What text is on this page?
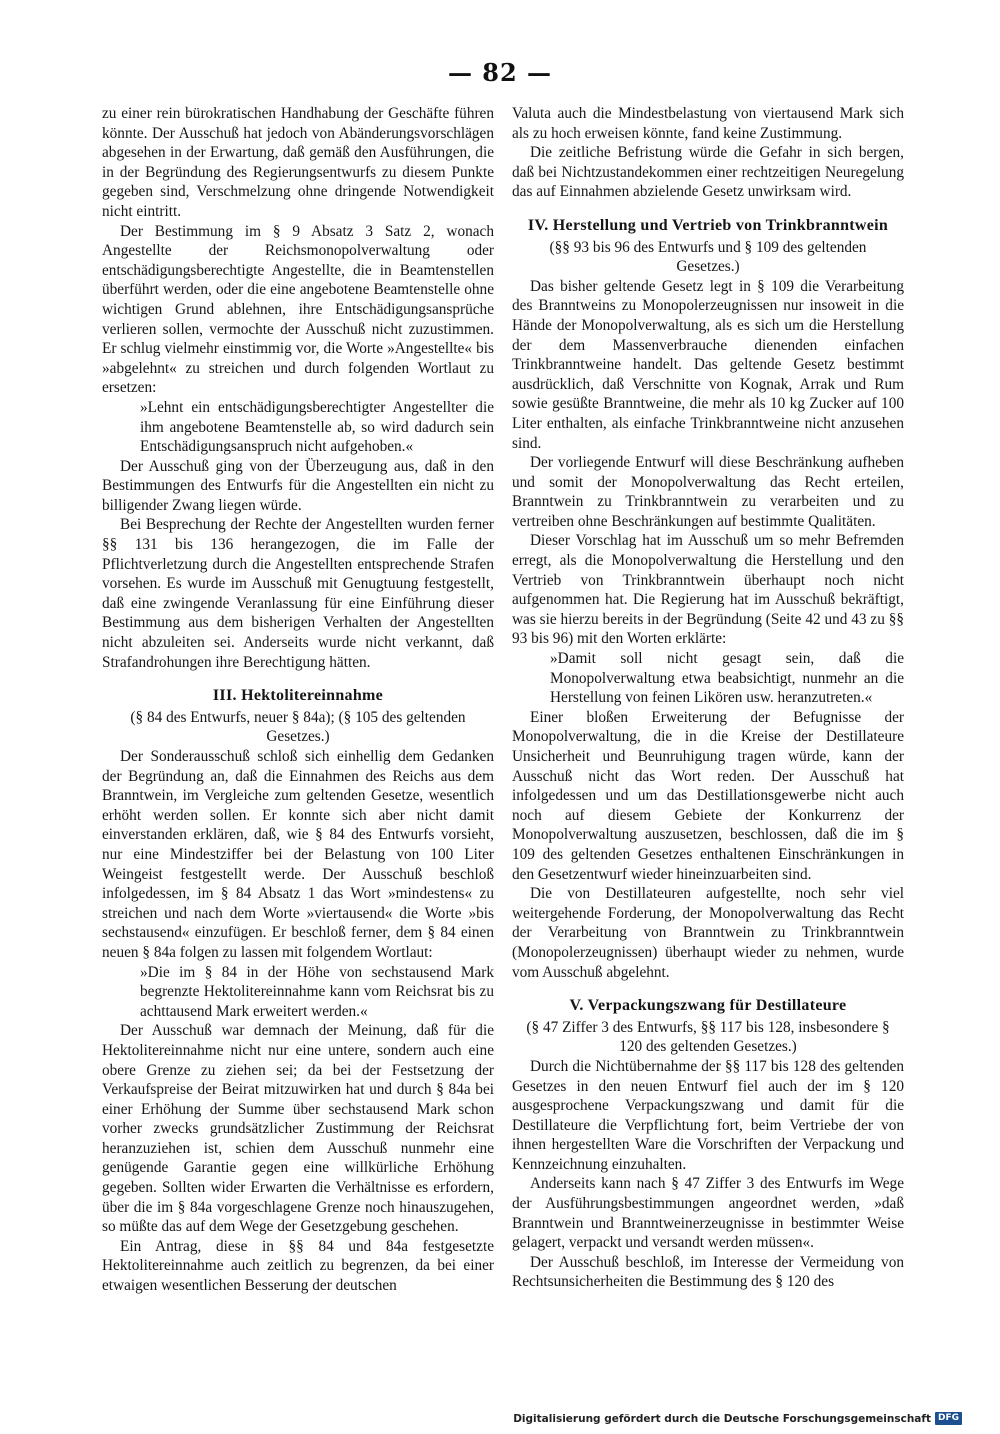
— 82 —

zu einer rein bürokratischen Handhabung der Geschäfte führen könnte. Der Ausschuß hat jedoch von Abänderungsvorschlägen abgesehen in der Erwartung, daß gemäß den Ausführungen, die in der Begründung des Regierungsentwurfs zu diesem Punkte gegeben sind, Verschmelzung ohne dringende Notwendigkeit nicht eintritt.

Der Bestimmung im § 9 Absatz 3 Satz 2, wonach Angestellte der Reichsmonopolverwaltung oder entschädigungsberechtigte Angestellte, die in Beamtenstellen überführt werden, oder die eine angebotene Beamtenstelle ohne wichtigen Grund ablehnen, ihre Entschädigungsansprüche verlieren sollen, vermochte der Ausschuß nicht zuzustimmen. Er schlug vielmehr einstimmig vor, die Worte »Angestellte« bis »abgelehnt« zu streichen und durch folgenden Wortlaut zu ersetzen:

»Lehnt ein entschädigungsberechtigter Angestellter die ihm angebotene Beamtenstelle ab, so wird dadurch sein Entschädigungsanspruch nicht aufgehoben.«

Der Ausschuß ging von der Überzeugung aus, daß in den Bestimmungen des Entwurfs für die Angestellten ein nicht zu billigender Zwang liegen würde.

Bei Besprechung der Rechte der Angestellten wurden ferner §§ 131 bis 136 herangezogen, die im Falle der Pflichtverletzung durch die Angestellten entsprechende Strafen vorsehen. Es wurde im Ausschuß mit Genugtuung festgestellt, daß eine zwingende Veranlassung für eine Einführung dieser Bestimmung aus dem bisherigen Verhalten der Angestellten nicht abzuleiten sei. Anderseits wurde nicht verkannt, daß Strafandrohungen ihre Berechtigung hätten.

III. Hektolitereinnahme
(§ 84 des Entwurfs, neuer § 84a); (§ 105 des geltenden Gesetzes.)

Der Sonderausschuß schloß sich einhellig dem Gedanken der Begründung an, daß die Einnahmen des Reichs aus dem Branntwein, im Vergleiche zum geltenden Gesetze, wesentlich erhöht werden sollen. Er konnte sich aber nicht damit einverstanden erklären, daß, wie § 84 des Entwurfs vorsieht, nur eine Mindestziffer bei der Belastung von 100 Liter Weingeist festgestellt werde. Der Ausschuß beschloß infolgedessen, im § 84 Absatz 1 das Wort »mindestens« zu streichen und nach dem Worte »viertausend« die Worte »bis sechstausend« einzufügen. Er beschloß ferner, dem § 84 einen neuen § 84a folgen zu lassen mit folgendem Wortlaut:

»Die im § 84 in der Höhe von sechstausend Mark begrenzte Hektolitereinnahme kann vom Reichsrat bis zu achttausend Mark erweitert werden.«

Der Ausschuß war demnach der Meinung, daß für die Hektolitereinnahme nicht nur eine untere, sondern auch eine obere Grenze zu ziehen sei; da bei der Festsetzung der Verkaufspreise der Beirat mitzuwirken hat und durch § 84a bei einer Erhöhung der Summe über sechstausend Mark schon vorher zwecks grundsätzlicher Zustimmung der Reichsrat heranzuziehen ist, schien dem Ausschuß nunmehr eine genügende Garantie gegen eine willkürliche Erhöhung gegeben. Sollten wider Erwarten die Verhältnisse es erfordern, über die im § 84a vorgeschlagene Grenze noch hinauszugehen, so müßte das auf dem Wege der Gesetzgebung geschehen.

Ein Antrag, diese in §§ 84 und 84a festgesetzte Hektolitereinnahme auch zeitlich zu begrenzen, da bei einer etwaigen wesentlichen Besserung der deutschen

Valuta auch die Mindestbelastung von viertausend Mark sich als zu hoch erweisen könnte, fand keine Zustimmung.

Die zeitliche Befristung würde die Gefahr in sich bergen, daß bei Nichtzustandekommen einer rechtzeitigen Neuregelung das auf Einnahmen abzielende Gesetz unwirksam wird.

IV. Herstellung und Vertrieb von Trinkbranntwein
(§§ 93 bis 96 des Entwurfs und § 109 des geltenden Gesetzes.)

Das bisher geltende Gesetz legt in § 109 die Verarbeitung des Branntweins zu Monopolerzeugnissen nur insoweit in die Hände der Monopolverwaltung, als es sich um die Herstellung der dem Massenverbrauche dienenden einfachen Trinkbranntweine handelt. Das geltende Gesetz bestimmt ausdrücklich, daß Verschnitte von Kognak, Arrak und Rum sowie gesüßte Branntweine, die mehr als 10 kg Zucker auf 100 Liter enthalten, als einfache Trinkbranntweine nicht anzusehen sind.

Der vorliegende Entwurf will diese Beschränkung aufheben und somit der Monopolverwaltung das Recht erteilen, Branntwein zu Trinkbranntwein zu verarbeiten und zu vertreiben ohne Beschränkungen auf bestimmte Qualitäten.

Dieser Vorschlag hat im Ausschuß um so mehr Befremden erregt, als die Monopolverwaltung die Herstellung und den Vertrieb von Trinkbranntwein überhaupt noch nicht aufgenommen hat. Die Regierung hat im Ausschuß bekräftigt, was sie hierzu bereits in der Begründung (Seite 42 und 43 zu §§ 93 bis 96) mit den Worten erklärte:

»Damit soll nicht gesagt sein, daß die Monopolverwaltung etwa beabsichtigt, nunmehr an die Herstellung von feinen Likören usw. heranzutreten.«

Einer bloßen Erweiterung der Befugnisse der Monopolverwaltung, die in die Kreise der Destillateure Unsicherheit und Beunruhigung tragen würde, kann der Ausschuß nicht das Wort reden. Der Ausschuß hat infolgedessen und um das Destillationsgewerbe nicht auch noch auf diesem Gebiete der Konkurrenz der Monopolverwaltung auszusetzen, beschlossen, daß die im § 109 des geltenden Gesetzes enthaltenen Einschränkungen in den Gesetzentwurf wieder hineinzuarbeiten sind.

Die von Destillateuren aufgestellte, noch sehr viel weitergehende Forderung, der Monopolverwaltung das Recht der Verarbeitung von Branntwein zu Trinkbranntwein (Monopolerzeugnissen) überhaupt wieder zu nehmen, wurde vom Ausschuß abgelehnt.

V. Verpackungszwang für Destillateure
(§ 47 Ziffer 3 des Entwurfs, §§ 117 bis 128, insbesondere § 120 des geltenden Gesetzes.)

Durch die Nichtübernahme der §§ 117 bis 128 des geltenden Gesetzes in den neuen Entwurf fiel auch der im § 120 ausgesprochene Verpackungszwang und damit für die Destillateure die Verpflichtung fort, beim Vertriebe der von ihnen hergestellten Ware die Vorschriften der Verpackung und Kennzeichnung einzuhalten.

Anderseits kann nach § 47 Ziffer 3 des Entwurfs im Wege der Ausführungsbestimmungen angeordnet werden, »daß Branntwein und Branntweinerzeugnisse in bestimmter Weise gelagert, verpackt und versandt werden müssen«.

Der Ausschuß beschloß, im Interesse der Vermeidung von Rechtsunsicherheiten die Bestimmung des § 120 des

Digitalisierung gefördert durch die Deutsche Forschungsgemeinschaft DFG
